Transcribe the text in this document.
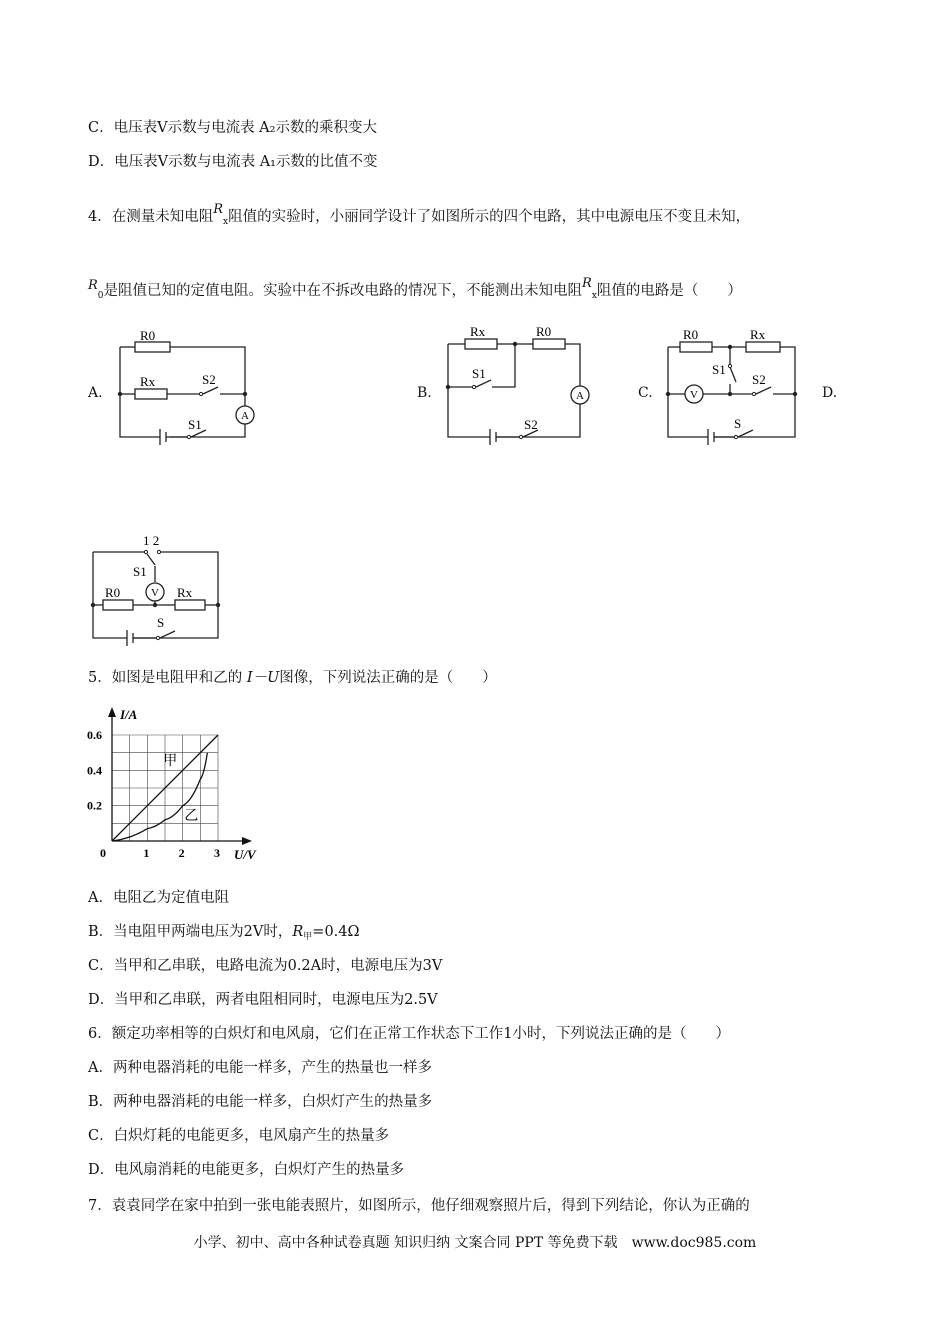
C．电压表Ⅴ示数与电流表 A₂示数的乘积变大
D．电压表Ⅴ示数与电流表 A₁示数的比值不变
4．在测量未知电阻$R_x$阻值的实验时，小丽同学设计了如图所示的四个电路，其中电源电压不变且未知，
$R_0$是阻值已知的定值电阻。实验中在不拆改电路的情况下，不能测出未知电阻$R_x$阻值的电路是（　　）
A.	B.	C.	D.
R0
Rx	S2
S1
A
Rx	R0
S1
S2
A
R0	Rx
S1
S2
V
S
1 2
S1
R0	Rx
V
S
5．如图是电阻甲和乙的 I－U图像，下列说法正确的是（　　）
I/A
U/V
0	1 2 3
0.2
0.4
0.6
甲
乙
A．电阻乙为定值电阻
B．当电阻甲两端电压为2V时，$R_甲=0.4\Omega$
C．当甲和乙串联，电路电流为0.2A时，电源电压为3V
D．当甲和乙串联，两者电阻相同时，电源电压为2.5V
6．额定功率相等的白炽灯和电风扇，它们在正常工作状态下工作1小时，下列说法正确的是（　　）
A．两种电器消耗的电能一样多，产生的热量也一样多
B．两种电器消耗的电能一样多，白炽灯产生的热量多
C．白炽灯耗的电能更多，电风扇产生的热量多
D．电风扇消耗的电能更多，白炽灯产生的热量多
7．袁袁同学在家中拍到一张电能表照片，如图所示，他仔细观察照片后，得到下列结论，你认为正确的
小学、初中、高中各种试卷真题 知识归纳 文案合同 PPT 等免费下载　www.doc985.com
